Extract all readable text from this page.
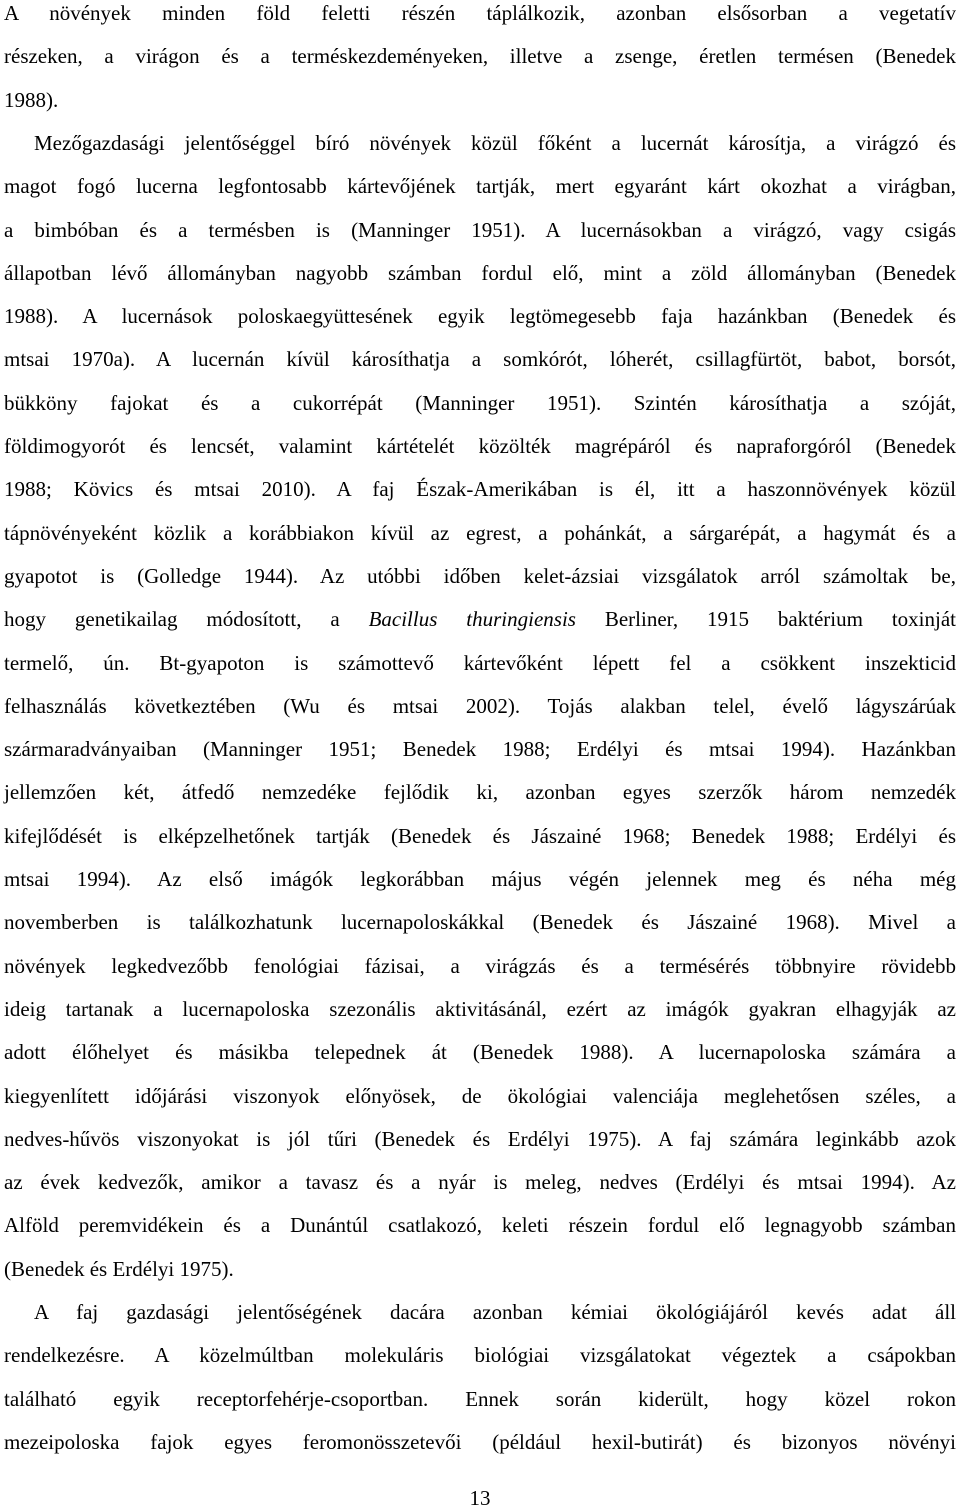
A növények minden föld feletti részén táplálkozik, azonban elsősorban a vegetatív
részeken, a virágon és a terméskezdeményeken, illetve a zsenge, éretlen termésen (Benedek
1988).
Mezőgazdasági jelentőséggel bíró növények közül főként a lucernát károsítja, a virágzó és
magot fogó lucerna legfontosabb kártevőjének tartják, mert egyaránt kárt okozhat a virágban,
a bimbóban és a termésben is (Manninger 1951). A lucernásokban a virágzó, vagy csigás
állapotban lévő állományban nagyobb számban fordul elő, mint a zöld állományban (Benedek
1988). A lucernások poloskaegyüttesének egyik legtömegesebb faja hazánkban (Benedek és
mtsai 1970a). A lucernán kívül károsíthatja a somkórót, lóherét, csillagfürtöt, babot, borsót,
bükköny fajokat és a cukorrépát (Manninger 1951). Szintén károsíthatja a szóját,
földimogyorót és lencsét, valamint kártételét közölték magrépáról és napraforgóról (Benedek
1988; Kövics és mtsai 2010). A faj Észak-Amerikában is él, itt a haszonnövények közül
tápnövényeként közlik a korábbiakon kívül az egrest, a pohánkát, a sárgarépát, a hagymát és a
gyapotot is (Golledge 1944). Az utóbbi időben kelet-ázsiai vizsgálatok arról számoltak be,
hogy genetikailag módosított, a Bacillus thuringiensis Berliner, 1915 baktérium toxinját
termelő, ún. Bt-gyapoton is számottevő kártevőként lépett fel a csökkent inszekticid
felhasználás következtében (Wu és mtsai 2002). Tojás alakban telel, évelő lágyszárúak
szármaradványaiban (Manninger 1951; Benedek 1988; Erdélyi és mtsai 1994). Hazánkban
jellemzően két, átfedő nemzedéke fejlődik ki, azonban egyes szerzők három nemzedék
kifejlődését is elképzelhetőnek tartják (Benedek és Jászainé 1968; Benedek 1988; Erdélyi és
mtsai 1994). Az első imágók legkorábban május végén jelennek meg és néha még
novemberben is találkozhatunk lucernapoloskákkal (Benedek és Jászainé 1968). Mivel a
növények legkedvezőbb fenológiai fázisai, a virágzás és a termésérés többnyire rövidebb
ideig tartanak a lucernapoloska szezonális aktivitásánál, ezért az imágók gyakran elhagyják az
adott élőhelyet és másikba telepednek át (Benedek 1988). A lucernapoloska számára a
kiegyenlített időjárási viszonyok előnyösek, de ökológiai valenciája meglehetősen széles, a
nedves-hűvös viszonyokat is jól tűri (Benedek és Erdélyi 1975). A faj számára leginkább azok
az évek kedvezők, amikor a tavasz és a nyár is meleg, nedves (Erdélyi és mtsai 1994). Az
Alföld peremvidékein és a Dunántúl csatlakozó, keleti részein fordul elő legnagyobb számban
(Benedek és Erdélyi 1975).
A faj gazdasági jelentőségének dacára azonban kémiai ökológiájáról kevés adat áll
rendelkezésre. A közelmúltban molekuláris biológiai vizsgálatokat végeztek a csápokban
található egyik receptorfehérje-csoportban. Ennek során kiderült, hogy közel rokon
mezeipoloska fajok egyes feromonösszetevői (például hexil-butirát) és bizonyos növényi
13
